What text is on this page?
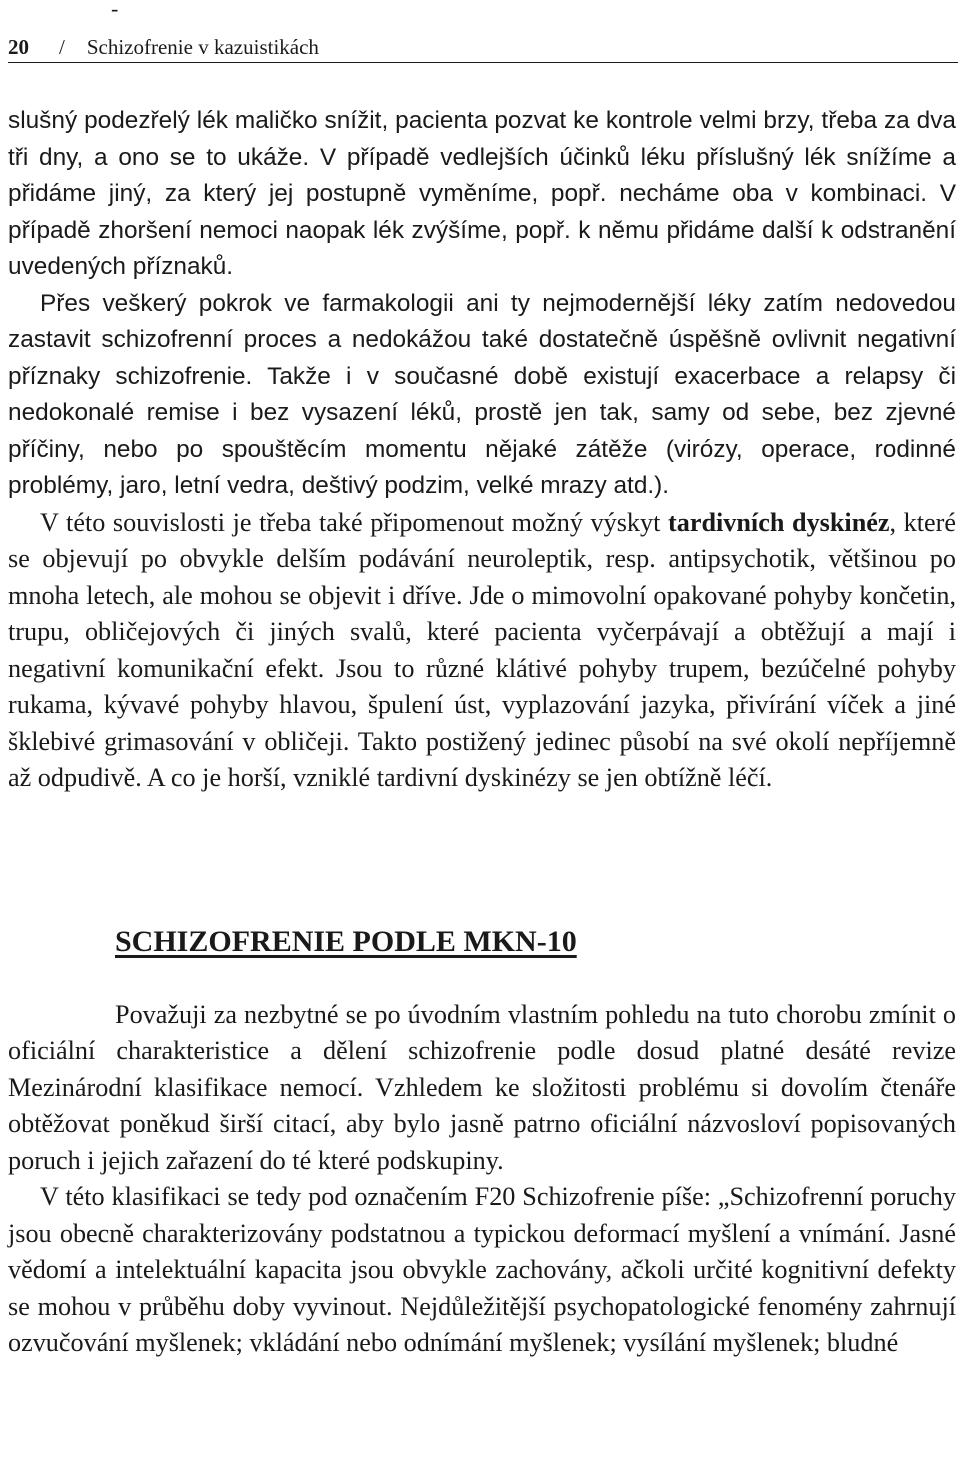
-
20 / Schizofrenie v kazuistikách

slušný podezřelý lék maličko snížit, pacienta pozvat ke kontrole velmi brzy, třeba za dva tři dny, a ono se to ukáže. V případě vedlejších účinků léku příslušný lék snížíme a přidáme jiný, za který jej postupně vyměníme, popř. necháme oba v kombinaci. V případě zhoršení nemoci naopak lék zvýšíme, popř. k němu přidáme další k odstranění uvedených příznaků.

Přes veškerý pokrok ve farmakologii ani ty nejmodernější léky zatím nedovedou zastavit schizofrenní proces a nedokážou také dostatečně úspěšně ovlivnit negativní příznaky schizofrenie. Takže i v současné době existují exacerbace a relapsy či nedokonalé remise i bez vysazení léků, prostě jen tak, samy od sebe, bez zjevné příčiny, nebo po spouštěcím momentu nějaké zátěže (virózy, operace, rodinné problémy, jaro, letní vedra, deštivý podzim, velké mrazy atd.).

V této souvislosti je třeba také připomenout možný výskyt tardivních dyskinéz, které se objevují po obvykle delším podávání neuroleptik, resp. antipsychotik, většinou po mnoha letech, ale mohou se objevit i dříve. Jde o mimovolní opakované pohyby končetin, trupu, obličejových či jiných svalů, které pacienta vyčerpávají a obtěžují a mají i negativní komunikační efekt. Jsou to různé klátivé pohyby trupem, bezúčelné pohyby rukama, kývavé pohyby hlavou, špulení úst, vyplazování jazyka, přivírání víček a jiné šklebivé grimasování v obličeji. Takto postižený jedinec působí na své okolí nepříjemně až odpudivě. A co je horší, vzniklé tardivní dyskinézy se jen obtížně léčí.

SCHIZOFRENIE PODLE MKN-10

Považuji za nezbytné se po úvodním vlastním pohledu na tuto chorobu zmínit o oficiální charakteristice a dělení schizofrenie podle dosud platné desáté revize Mezinárodní klasifikace nemocí. Vzhledem ke složitosti problému si dovolím čtenáře obtěžovat poněkud širší citací, aby bylo jasně patrno oficiální názvosloví popisovaných poruch i jejich zařazení do té které podskupiny.

V této klasifikaci se tedy pod označením F20 Schizofrenie píše: „Schizofrenní poruchy jsou obecně charakterizovány podstatnou a typickou deformací myšlení a vnímání. Jasné vědomí a intelektuální kapacita jsou obvykle zachovány, ačkoli určité kognitivní defekty se mohou v průběhu doby vyvinout. Nejdůležitější psychopatologické fenomény zahrnují ozvučování myšlenek; vkládání nebo odnímání myšlenek; vysílání myšlenek; bludné
